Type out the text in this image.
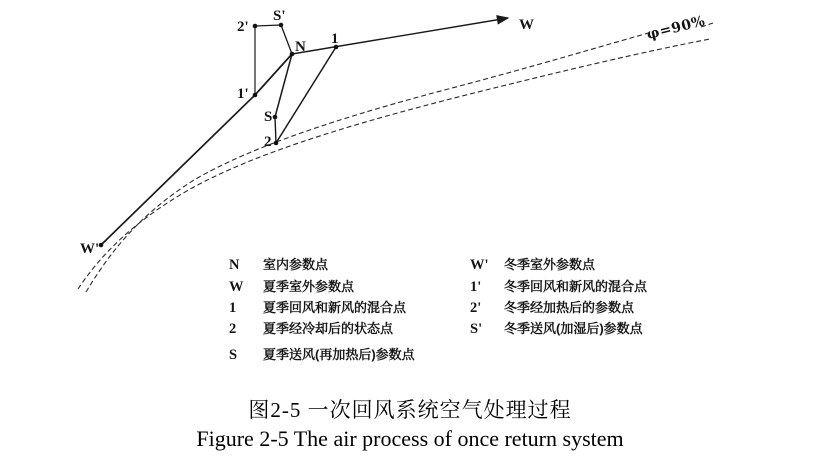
N
W
W'
1
1'
2
2'
S
S'	φ=90%
N 室内参数点
W 夏季室外参数点
1 夏季回风和新风的混合点
2 夏季经冷却后的状态点
S 夏季送风(再加热后)参数点
W' 冬季室外参数点
1' 冬季回风和新风的混合点
2' 冬季经加热后的参数点
S' 冬季送风(加湿后)参数点
图2-5 一次回风系统空气处理过程
Figure 2-5 The air process of once return system
